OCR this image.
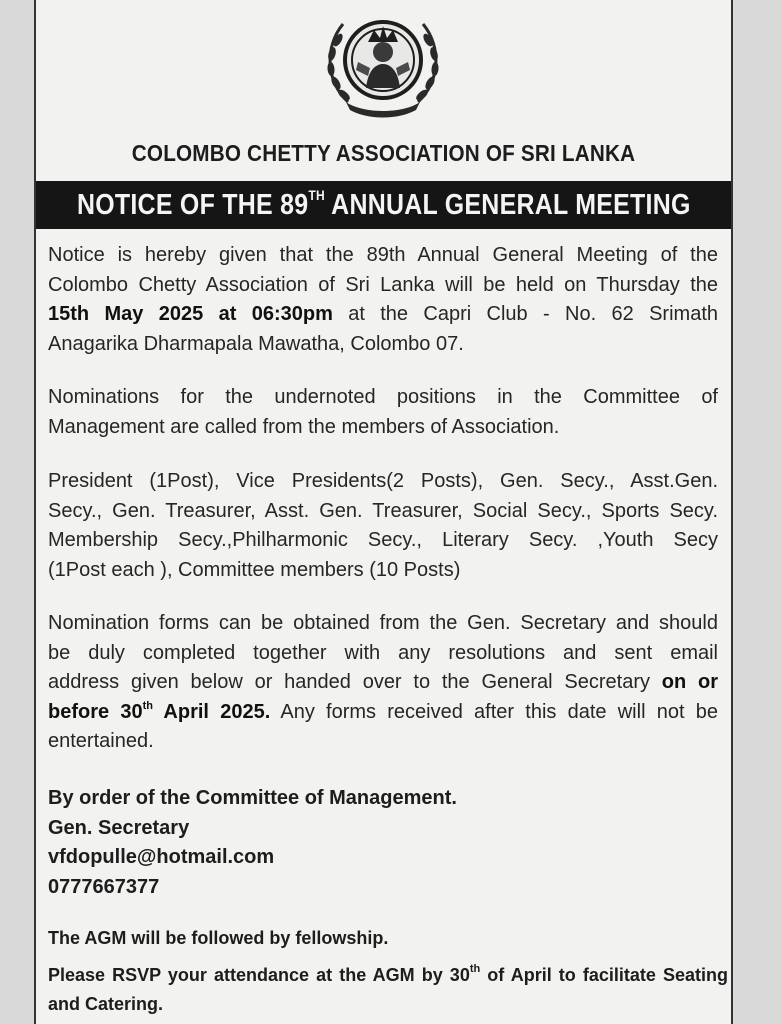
COLOMBO CHETTY ASSOCIATION OF SRI LANKA
NOTICE OF THE 89TH ANNUAL GENERAL MEETING
Notice is hereby given that the 89th Annual General Meeting of the
Colombo Chetty Association of Sri Lanka will be held on Thursday the
15th May 2025 at 06:30pm at the Capri Club - No. 62 Srimath
Anagarika Dharmapala Mawatha, Colombo 07.
Nominations for the undernoted positions in the Committee of
Management are called from the members of Association.
President (1Post), Vice Presidents(2 Posts), Gen. Secy., Asst.Gen.
Secy., Gen. Treasurer, Asst. Gen. Treasurer, Social Secy., Sports Secy.
Membership Secy.,Philharmonic Secy., Literary Secy. ,Youth Secy
(1Post each ), Committee members (10 Posts)
Nomination forms can be obtained from the Gen. Secretary and should
be duly completed together with any resolutions and sent email
address given below or handed over to the General Secretary on or
before 30th April 2025. Any forms received after this date will not be
entertained.
By order of the Committee of Management.
Gen. Secretary
vfdopulle@hotmail.com
0777667377
The AGM will be followed by fellowship.
Please RSVP your attendance at the AGM by 30th of April to facilitate Seating
and Catering.
